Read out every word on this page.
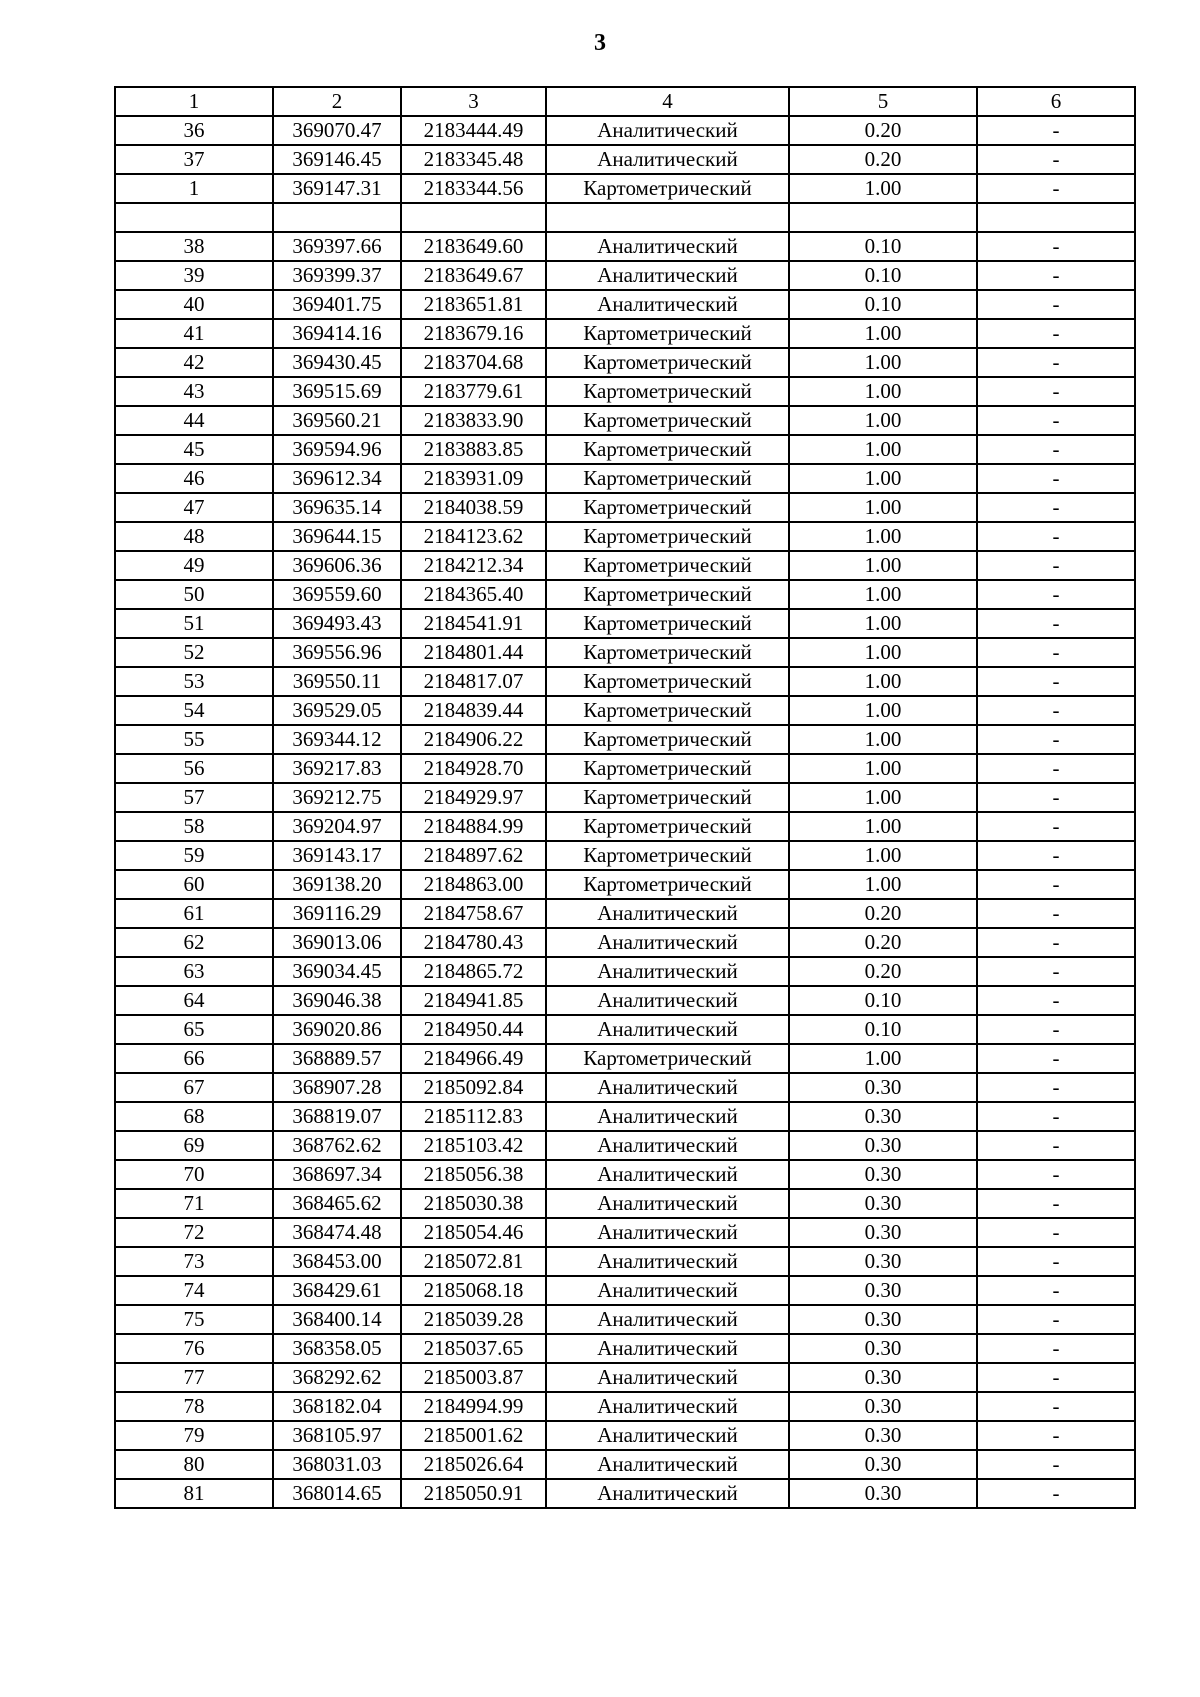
3
1	2	3	4	5	6
36	369070.47	2183444.49	Аналитический	0.20	-
37	369146.45	2183345.48	Аналитический	0.20	-
1	369147.31	2183344.56	Картометрический	1.00	-

38	369397.66	2183649.60	Аналитический	0.10	-
39	369399.37	2183649.67	Аналитический	0.10	-
40	369401.75	2183651.81	Аналитический	0.10	-
41	369414.16	2183679.16	Картометрический	1.00	-
42	369430.45	2183704.68	Картометрический	1.00	-
43	369515.69	2183779.61	Картометрический	1.00	-
44	369560.21	2183833.90	Картометрический	1.00	-
45	369594.96	2183883.85	Картометрический	1.00	-
46	369612.34	2183931.09	Картометрический	1.00	-
47	369635.14	2184038.59	Картометрический	1.00	-
48	369644.15	2184123.62	Картометрический	1.00	-
49	369606.36	2184212.34	Картометрический	1.00	-
50	369559.60	2184365.40	Картометрический	1.00	-
51	369493.43	2184541.91	Картометрический	1.00	-
52	369556.96	2184801.44	Картометрический	1.00	-
53	369550.11	2184817.07	Картометрический	1.00	-
54	369529.05	2184839.44	Картометрический	1.00	-
55	369344.12	2184906.22	Картометрический	1.00	-
56	369217.83	2184928.70	Картометрический	1.00	-
57	369212.75	2184929.97	Картометрический	1.00	-
58	369204.97	2184884.99	Картометрический	1.00	-
59	369143.17	2184897.62	Картометрический	1.00	-
60	369138.20	2184863.00	Картометрический	1.00	-
61	369116.29	2184758.67	Аналитический	0.20	-
62	369013.06	2184780.43	Аналитический	0.20	-
63	369034.45	2184865.72	Аналитический	0.20	-
64	369046.38	2184941.85	Аналитический	0.10	-
65	369020.86	2184950.44	Аналитический	0.10	-
66	368889.57	2184966.49	Картометрический	1.00	-
67	368907.28	2185092.84	Аналитический	0.30	-
68	368819.07	2185112.83	Аналитический	0.30	-
69	368762.62	2185103.42	Аналитический	0.30	-
70	368697.34	2185056.38	Аналитический	0.30	-
71	368465.62	2185030.38	Аналитический	0.30	-
72	368474.48	2185054.46	Аналитический	0.30	-
73	368453.00	2185072.81	Аналитический	0.30	-
74	368429.61	2185068.18	Аналитический	0.30	-
75	368400.14	2185039.28	Аналитический	0.30	-
76	368358.05	2185037.65	Аналитический	0.30	-
77	368292.62	2185003.87	Аналитический	0.30	-
78	368182.04	2184994.99	Аналитический	0.30	-
79	368105.97	2185001.62	Аналитический	0.30	-
80	368031.03	2185026.64	Аналитический	0.30	-
81	368014.65	2185050.91	Аналитический	0.30	-
